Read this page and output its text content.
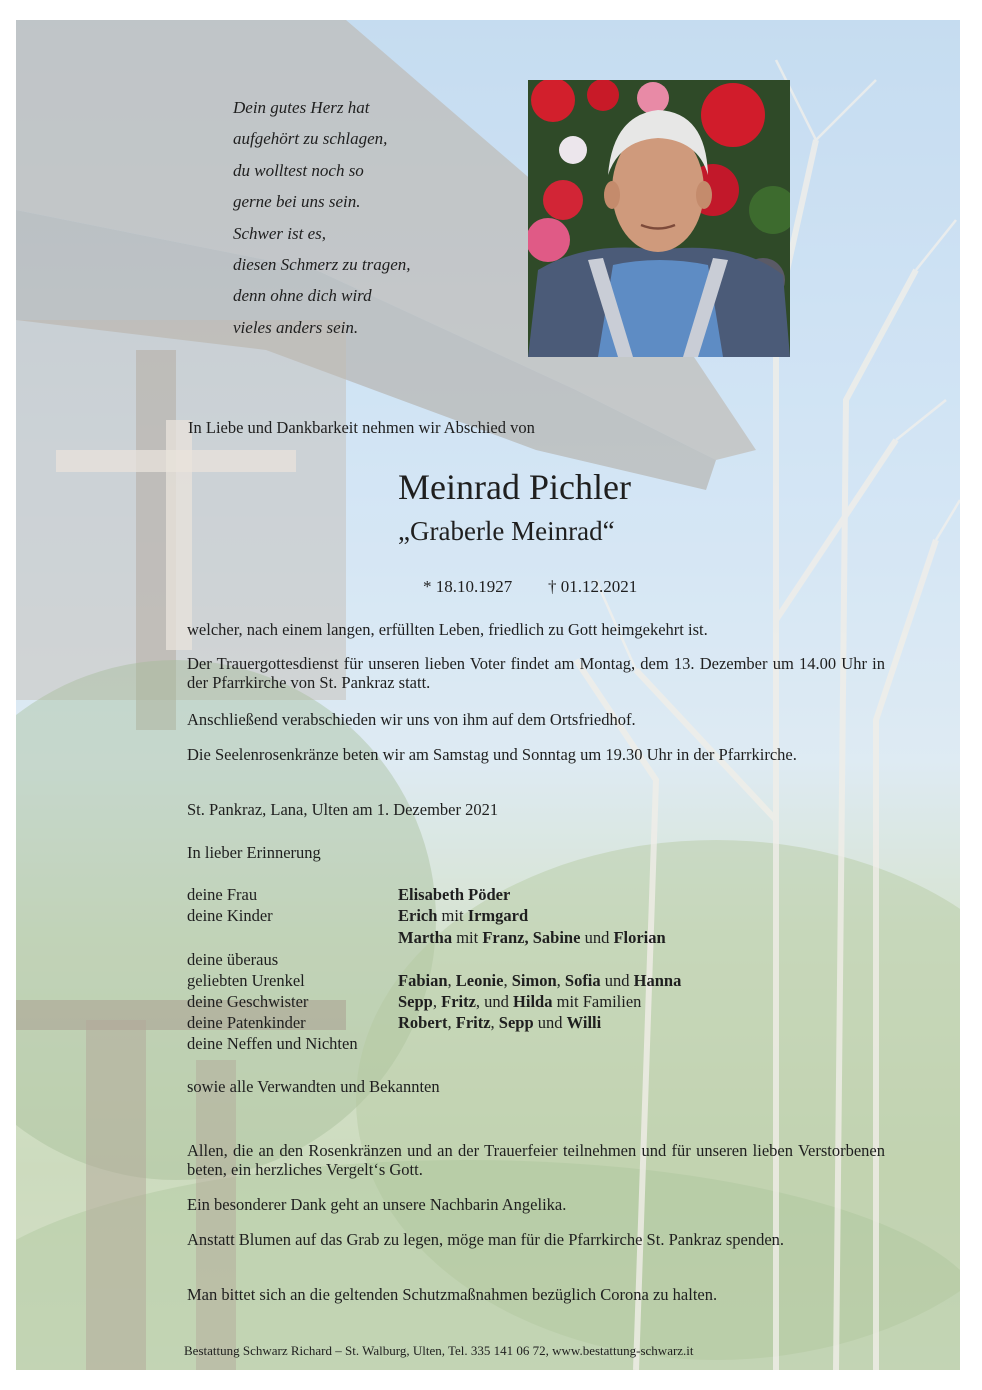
Dein gutes Herz hat
aufgehört zu schlagen,
du wolltest noch so
gerne bei uns sein.
Schwer ist es,
diesen Schmerz zu tragen,
denn ohne dich wird
vieles anders sein.

In Liebe und Dankbarkeit nehmen wir Abschied von

Meinrad Pichler

„Graberle Meinrad“

* 18.10.1927 † 01.12.2021

welcher, nach einem langen, erfüllten Leben, friedlich zu Gott heimgekehrt ist.

Der Trauergottesdienst für unseren lieben Voter findet am Montag, dem 13. Dezember um 14.00 Uhr in der Pfarrkirche von St. Pankraz statt.

Anschließend verabschieden wir uns von ihm auf dem Ortsfriedhof.

Die Seelenrosenkränze beten wir am Samstag und Sonntag um 19.30 Uhr in der Pfarrkirche.

St. Pankraz, Lana, Ulten am 1. Dezember 2021

In lieber Erinnerung

deine Frau
deine Kinder
deine überaus
geliebten Urenkel
deine Geschwister
deine Patenkinder
deine Neffen und Nichten
Elisabeth Pöder
Erich mit Irmgard
Martha mit Franz, Sabine und Florian
Fabian, Leonie, Simon, Sofia und Hanna
Sepp, Fritz, und Hilda mit Familien
Robert, Fritz, Sepp und Willi

sowie alle Verwandten und Bekannten

Allen, die an den Rosenkränzen und an der Trauerfeier teilnehmen und für unseren lieben Verstorbenen beten, ein herzliches Vergelt‘s Gott.

Ein besonderer Dank geht an unsere Nachbarin Angelika.

Anstatt Blumen auf das Grab zu legen, möge man für die Pfarrkirche St. Pankraz spenden.

Man bittet sich an die geltenden Schutzmaßnahmen bezüglich Corona zu halten.

Bestattung Schwarz Richard – St. Walburg, Ulten, Tel. 335 141 06 72, www.bestattung-schwarz.it
